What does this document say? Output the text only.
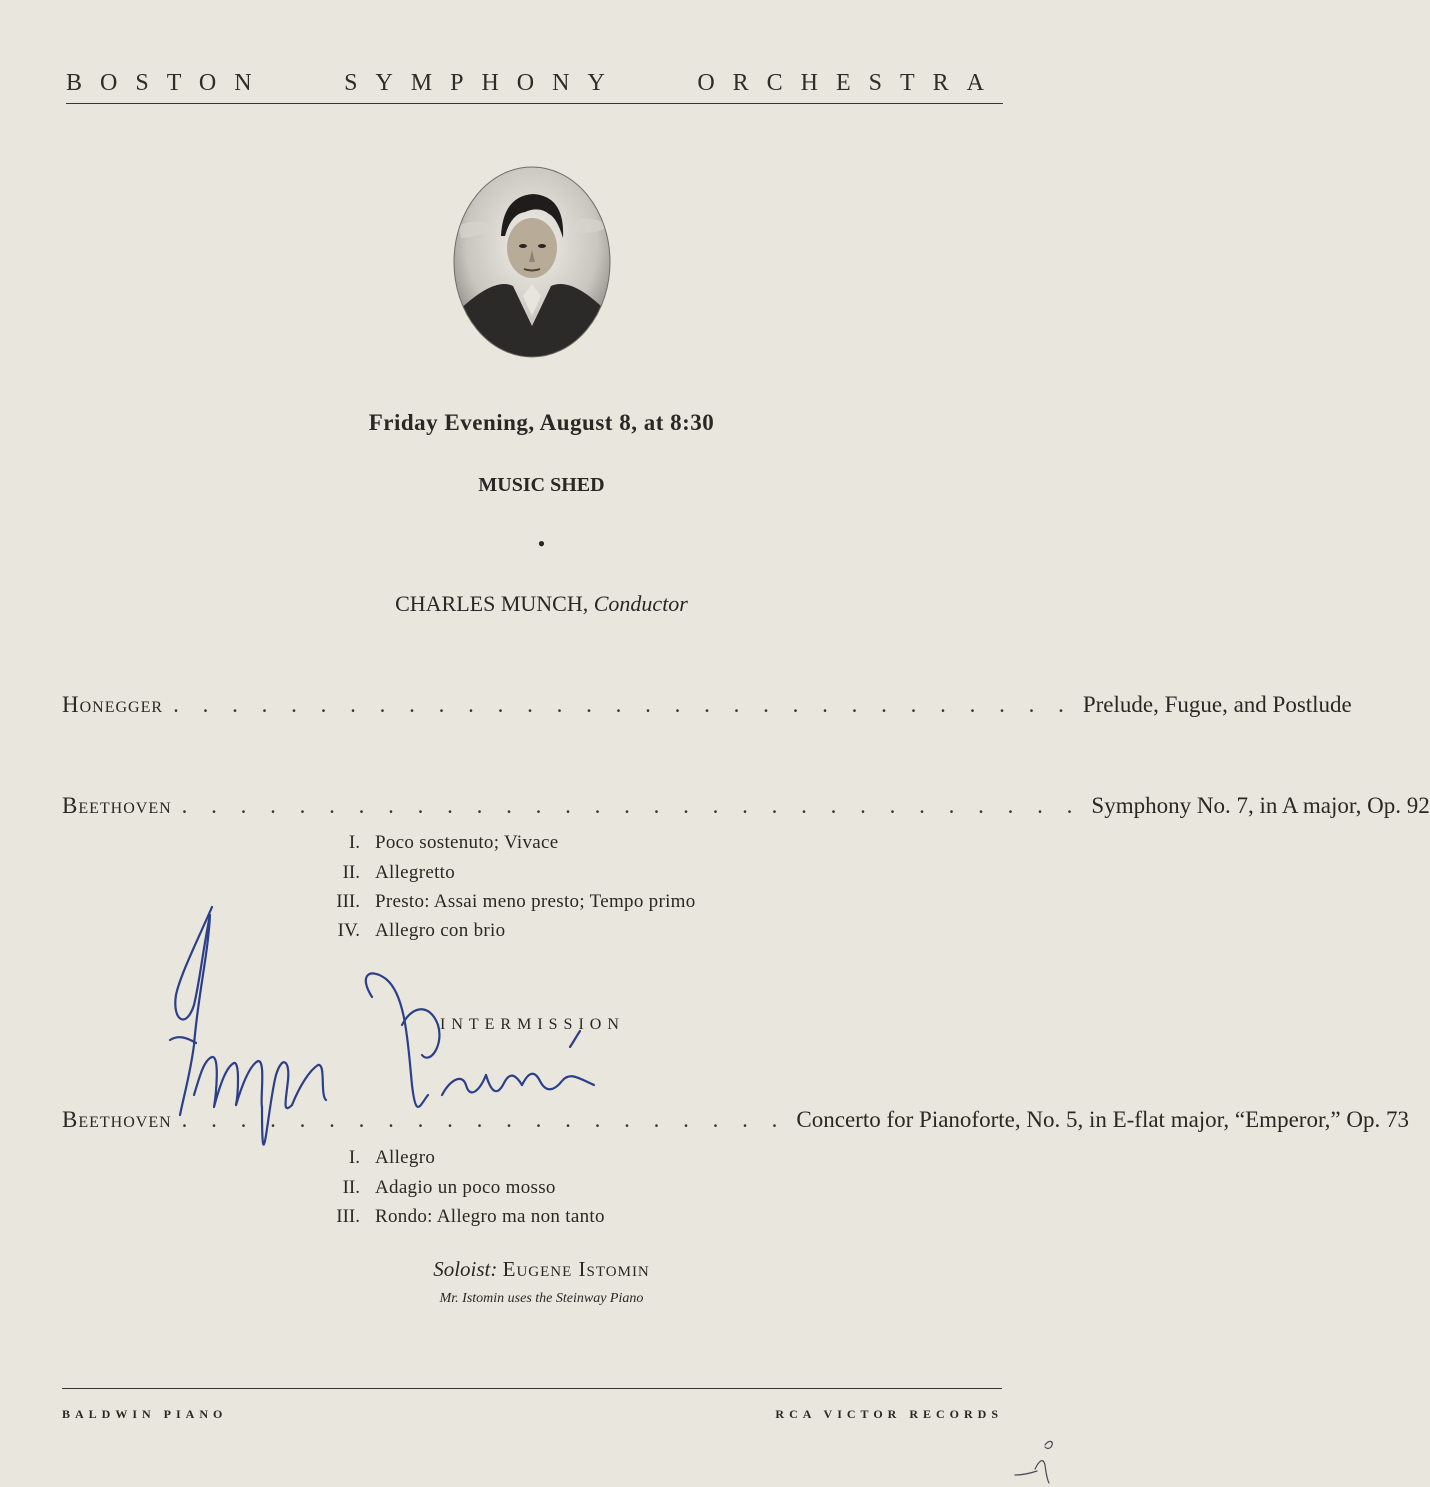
BOSTON	SYMPHONY	ORCHESTRA
Friday Evening, August 8, at 8:30
MUSIC SHED
•
CHARLES MUNCH, Conductor
Honegger . . . . . . . . . . . . . . . . . . . . . . . . . . . . . . . Prelude, Fugue, and Postlude
Beethoven . . . . . . . . . . . . . . . . . . . . . . . . . . . . . . . Symphony No. 7, in A major, Op. 92
I. Poco sostenuto; Vivace
II. Allegretto
III. Presto: Assai meno presto; Tempo primo
IV. Allegro con brio
INTERMISSION
Beethoven . . . . . . . . . . . . . . . . . . . . . Concerto for Pianoforte, No. 5, in E-flat major, “Emperor,” Op. 73
I. Allegro
II. Adagio un poco mosso
III. Rondo: Allegro ma non tanto
Soloist: Eugene Istomin
Mr. Istomin uses the Steinway Piano
BALDWIN PIANO	RCA VICTOR RECORDS
